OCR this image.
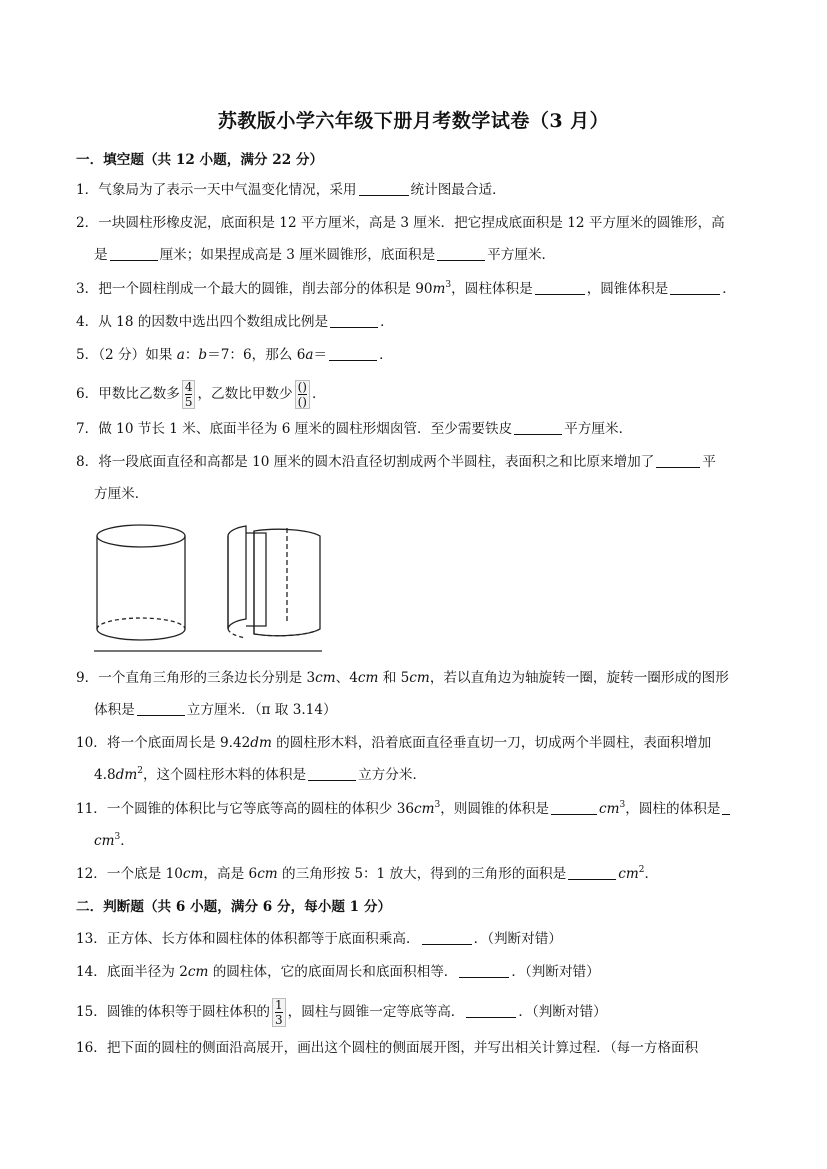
苏教版小学六年级下册月考数学试卷（3 月）
一．填空题（共 12 小题，满分 22 分）
1．气象局为了表示一天中气温变化情况，采用	统计图最合适．
2．一块圆柱形橡皮泥，底面积是 12 平方厘米，高是 3 厘米．把它捏成底面积是 12 平方厘米的圆锥形，高
是	厘米；如果捏成高是 3 厘米圆锥形，底面积是	平方厘米．
3．把一个圆柱削成一个最大的圆锥，削去部分的体积是 $90m^3$，圆柱体积是	，圆锥体积是	．
4．从 18 的因数中选出四个数组成比例是	．
5．（2 分）如果 a：b＝7：6，那么 6a＝	．
6．甲数比乙数多 $\frac{4}{5}$ ，乙数比甲数少 $\frac{()}{()}$ ．
7．做 10 节长 1 米、底面半径为 6 厘米的圆柱形烟囱管．至少需要铁皮	平方厘米．
8．将一段底面直径和高都是 10 厘米的圆木沿直径切割成两个半圆柱，表面积之和比原来增加了	平
方厘米．
9．一个直角三角形的三条边长分别是 3cm、4cm 和 5cm，若以直角边为轴旋转一圈，旋转一圈形成的图形
体积是	立方厘米．（π 取 3.14）
10．将一个底面周长是 9.42dm 的圆柱形木料，沿着底面直径垂直切一刀，切成两个半圆柱，表面积增加
$4.8dm^2$，这个圆柱形木料的体积是	立方分米．
11．一个圆锥的体积比与它等底等高的圆柱的体积少 $36cm^3$，则圆锥的体积是	$cm^3$，圆柱的体积是
$cm^3$．
12．一个底是 10cm，高是 6cm 的三角形按 5：1 放大，得到的三角形的面积是	$cm^2$．
二．判断题（共 6 小题，满分 6 分，每小题 1 分）
13．正方体、长方体和圆柱体的体积都等于底面积乘高．	．（判断对错）
14．底面半径为 2cm 的圆柱体，它的底面周长和底面积相等．	．（判断对错）
15．圆锥的体积等于圆柱体积的 $\frac{1}{3}$ ，圆柱与圆锥一定等底等高．	．（判断对错）
16．把下面的圆柱的侧面沿高展开，画出这个圆柱的侧面展开图，并写出相关计算过程．（每一方格面积
